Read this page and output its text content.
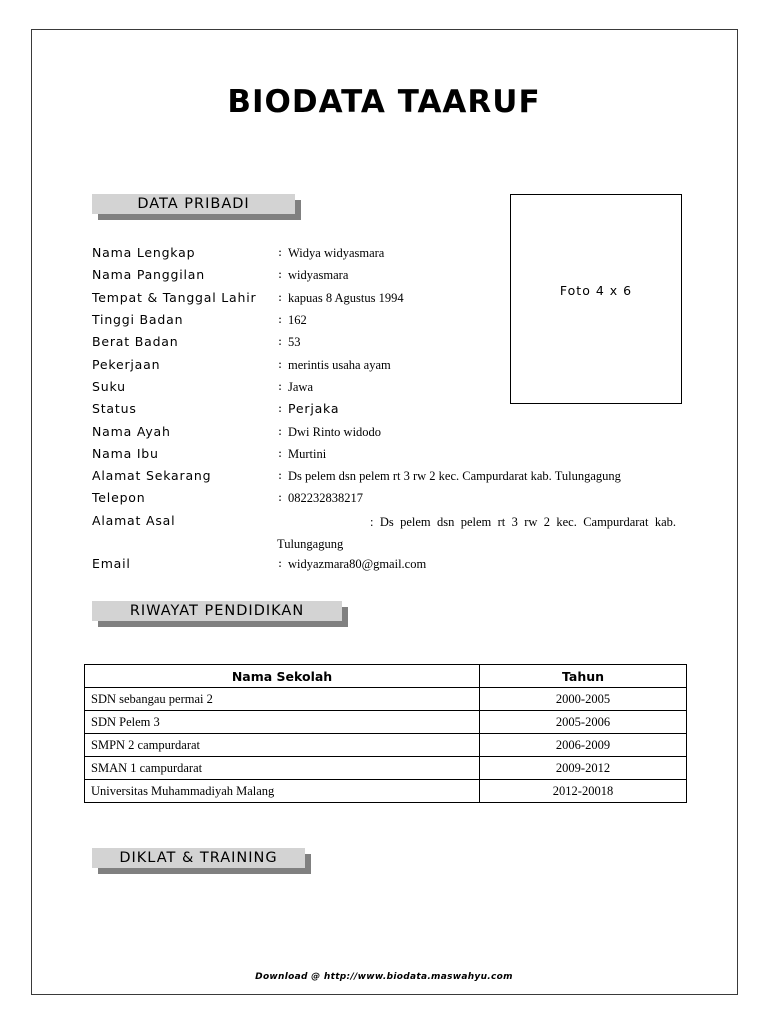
BIODATA TAARUF
DATA PRIBADI
Foto 4 x 6
Nama Lengkap	: Widya widyasmara
Nama Panggilan	: widyasmara
Tempat & Tanggal Lahir : kapuas 8 Agustus 1994
Tinggi Badan	: 162
Berat Badan	: 53
Pekerjaan	: merintis usaha ayam
Suku	: Jawa
Status	: Perjaka
Nama Ayah	: Dwi Rinto widodo
Nama Ibu	: Murtini
Alamat Sekarang	: Ds pelem dsn pelem rt 3 rw 2 kec. Campurdarat kab. Tulungagung
Telepon	: 082232838217
Alamat Asal	: Ds pelem dsn pelem rt 3 rw 2 kec. Campurdarat kab.
Tulungagung
Email	: widyazmara80@gmail.com
RIWAYAT PENDIDIKAN
Nama Sekolah	Tahun
SDN sebangau permai 2	2000-2005
SDN Pelem 3	2005-2006
SMPN 2 campurdarat	2006-2009
SMAN 1 campurdarat	2009-2012
Universitas Muhammadiyah Malang	2012-20018
DIKLAT & TRAINING
Download @ http://www.biodata.maswahyu.com
